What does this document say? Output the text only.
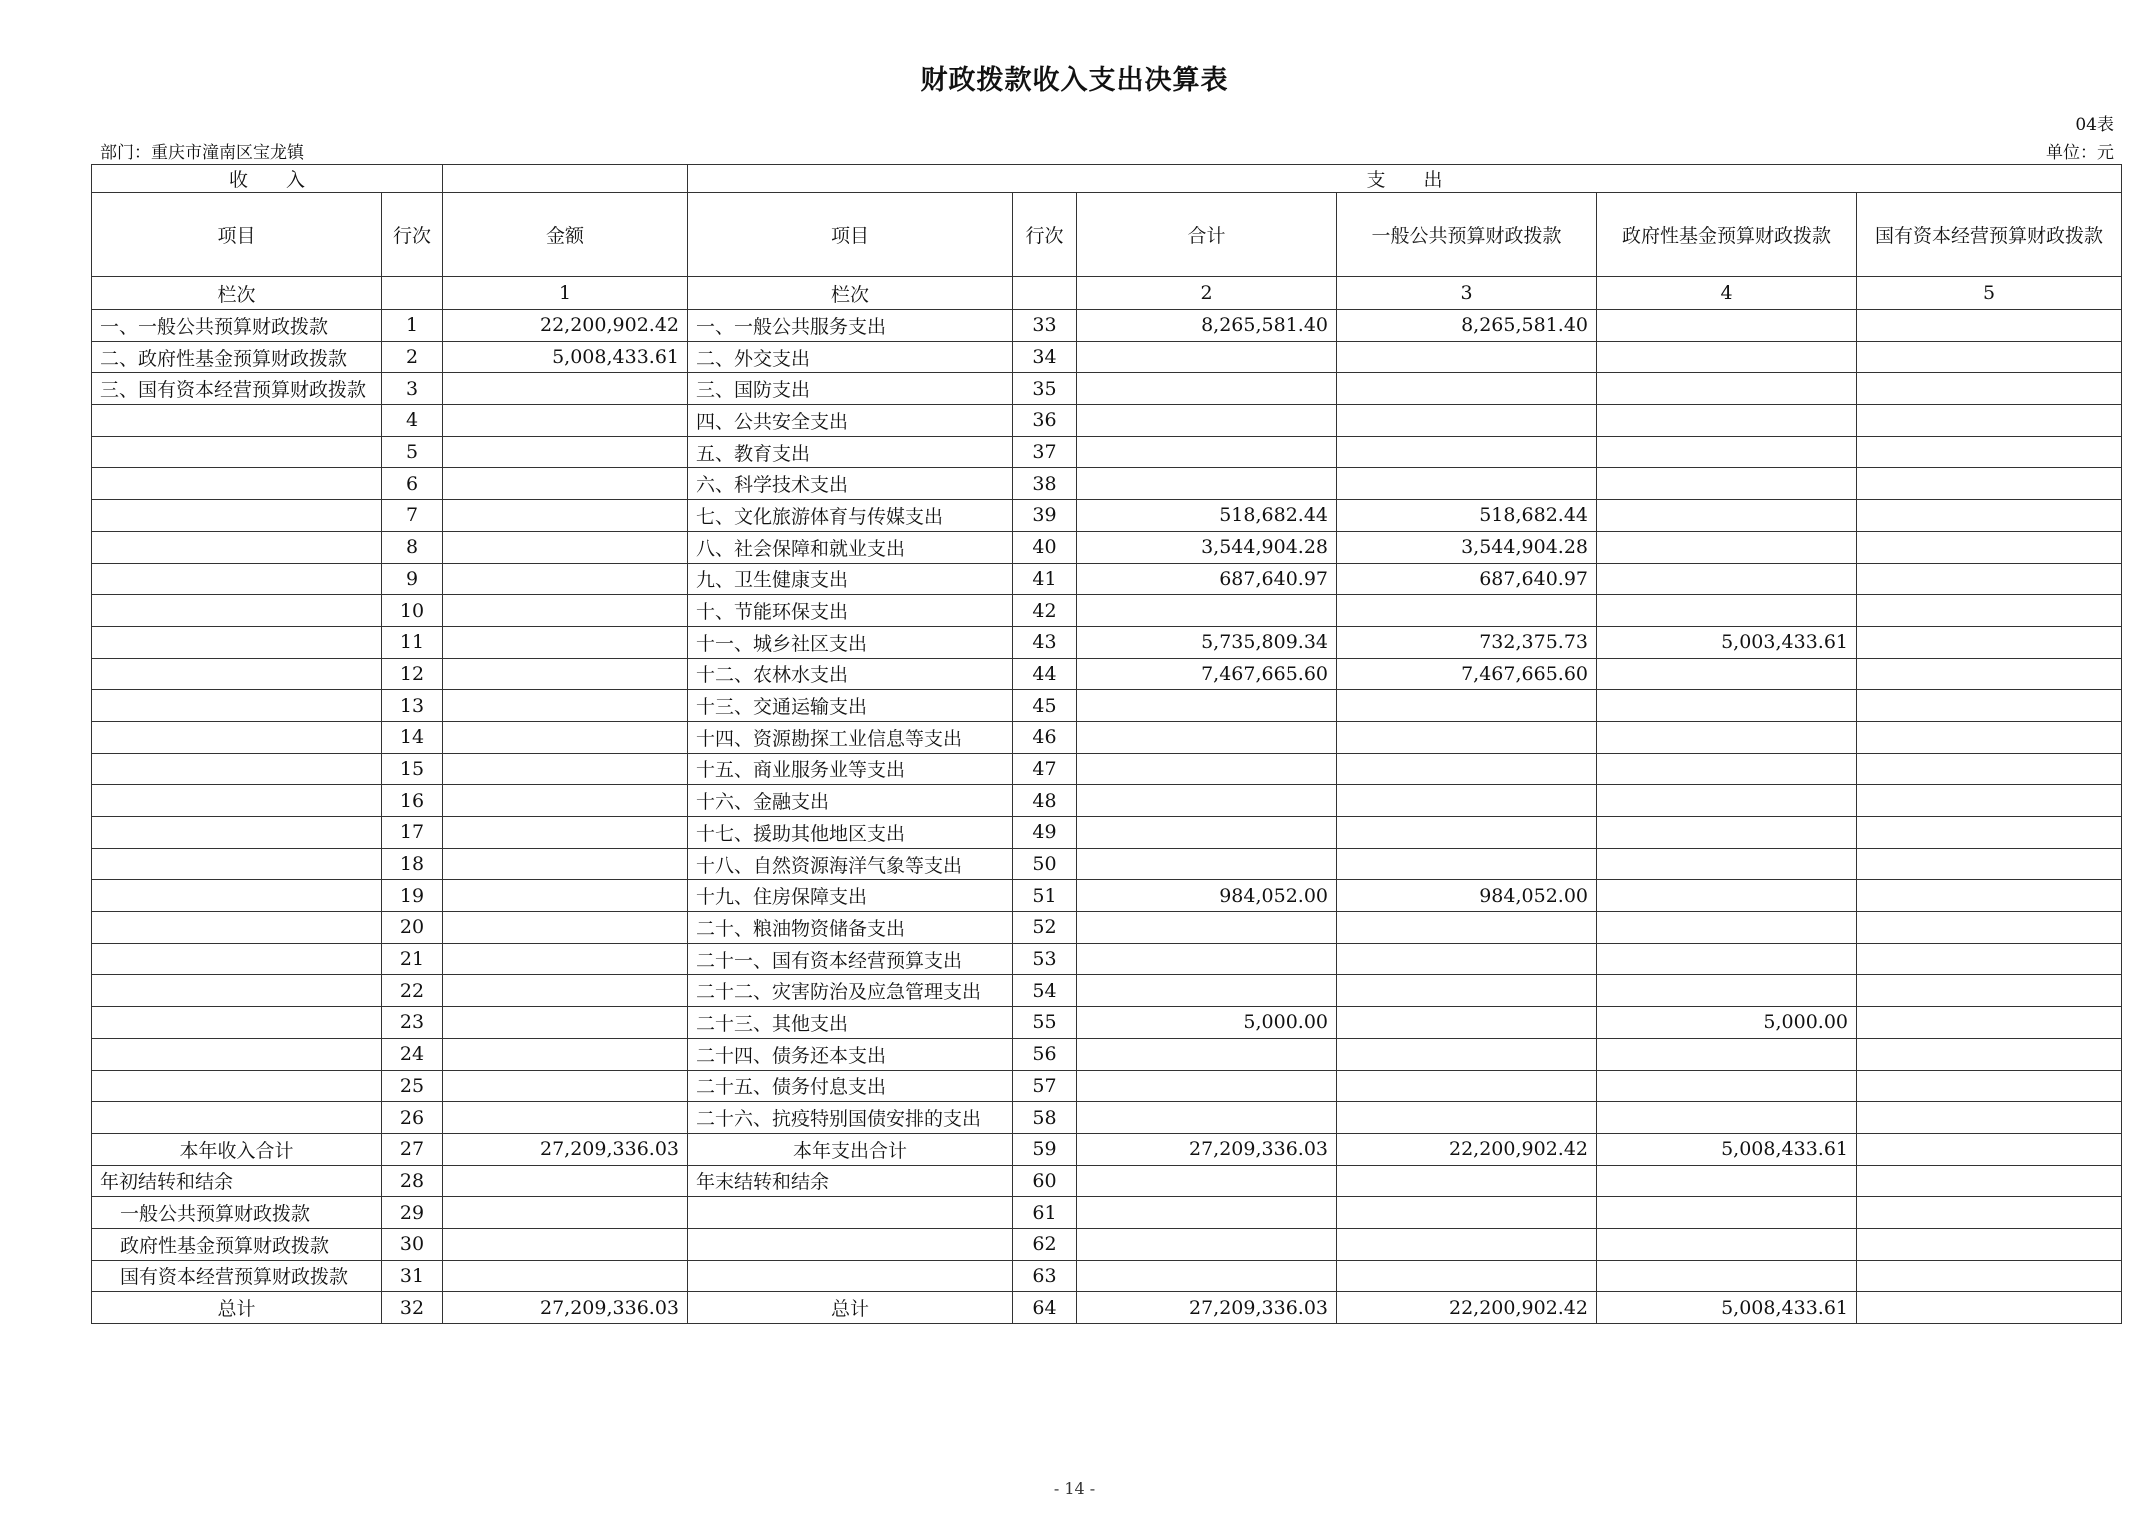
财政拨款收入支出决算表
04表
部门：重庆市潼南区宝龙镇	单位：元
收　　入			支　　出					
项目	行次	金额	项目	行次	合计	一般公共预算财政拨款	政府性基金预算财政拨款	国有资本经营预算财政拨款
栏次		1	栏次		2	3	4	5
一、一般公共预算财政拨款	1	22,200,902.42	一、一般公共服务支出	33	8,265,581.40	8,265,581.40		
二、政府性基金预算财政拨款	2	5,008,433.61	二、外交支出	34				
三、国有资本经营预算财政拨款	3		三、国防支出	35				
	4		四、公共安全支出	36				
	5		五、教育支出	37				
	6		六、科学技术支出	38				
	7		七、文化旅游体育与传媒支出	39	518,682.44	518,682.44		
	8		八、社会保障和就业支出	40	3,544,904.28	3,544,904.28		
	9		九、卫生健康支出	41	687,640.97	687,640.97		
	10		十、节能环保支出	42				
	11		十一、城乡社区支出	43	5,735,809.34	732,375.73	5,003,433.61	
	12		十二、农林水支出	44	7,467,665.60	7,467,665.60		
	13		十三、交通运输支出	45				
	14		十四、资源勘探工业信息等支出	46				
	15		十五、商业服务业等支出	47				
	16		十六、金融支出	48				
	17		十七、援助其他地区支出	49				
	18		十八、自然资源海洋气象等支出	50				
	19		十九、住房保障支出	51	984,052.00	984,052.00		
	20		二十、粮油物资储备支出	52				
	21		二十一、国有资本经营预算支出	53				
	22		二十二、灾害防治及应急管理支出	54				
	23		二十三、其他支出	55	5,000.00		5,000.00	
	24		二十四、债务还本支出	56				
	25		二十五、债务付息支出	57				
	26		二十六、抗疫特别国债安排的支出	58				
本年收入合计	27	27,209,336.03	本年支出合计	59	27,209,336.03	22,200,902.42	5,008,433.61	
年初结转和结余	28		年末结转和结余	60				
一般公共预算财政拨款	29			61				
政府性基金预算财政拨款	30			62				
国有资本经营预算财政拨款	31			63				
总计	32	27,209,336.03	总计	64	27,209,336.03	22,200,902.42	5,008,433.61	
- 14 -
